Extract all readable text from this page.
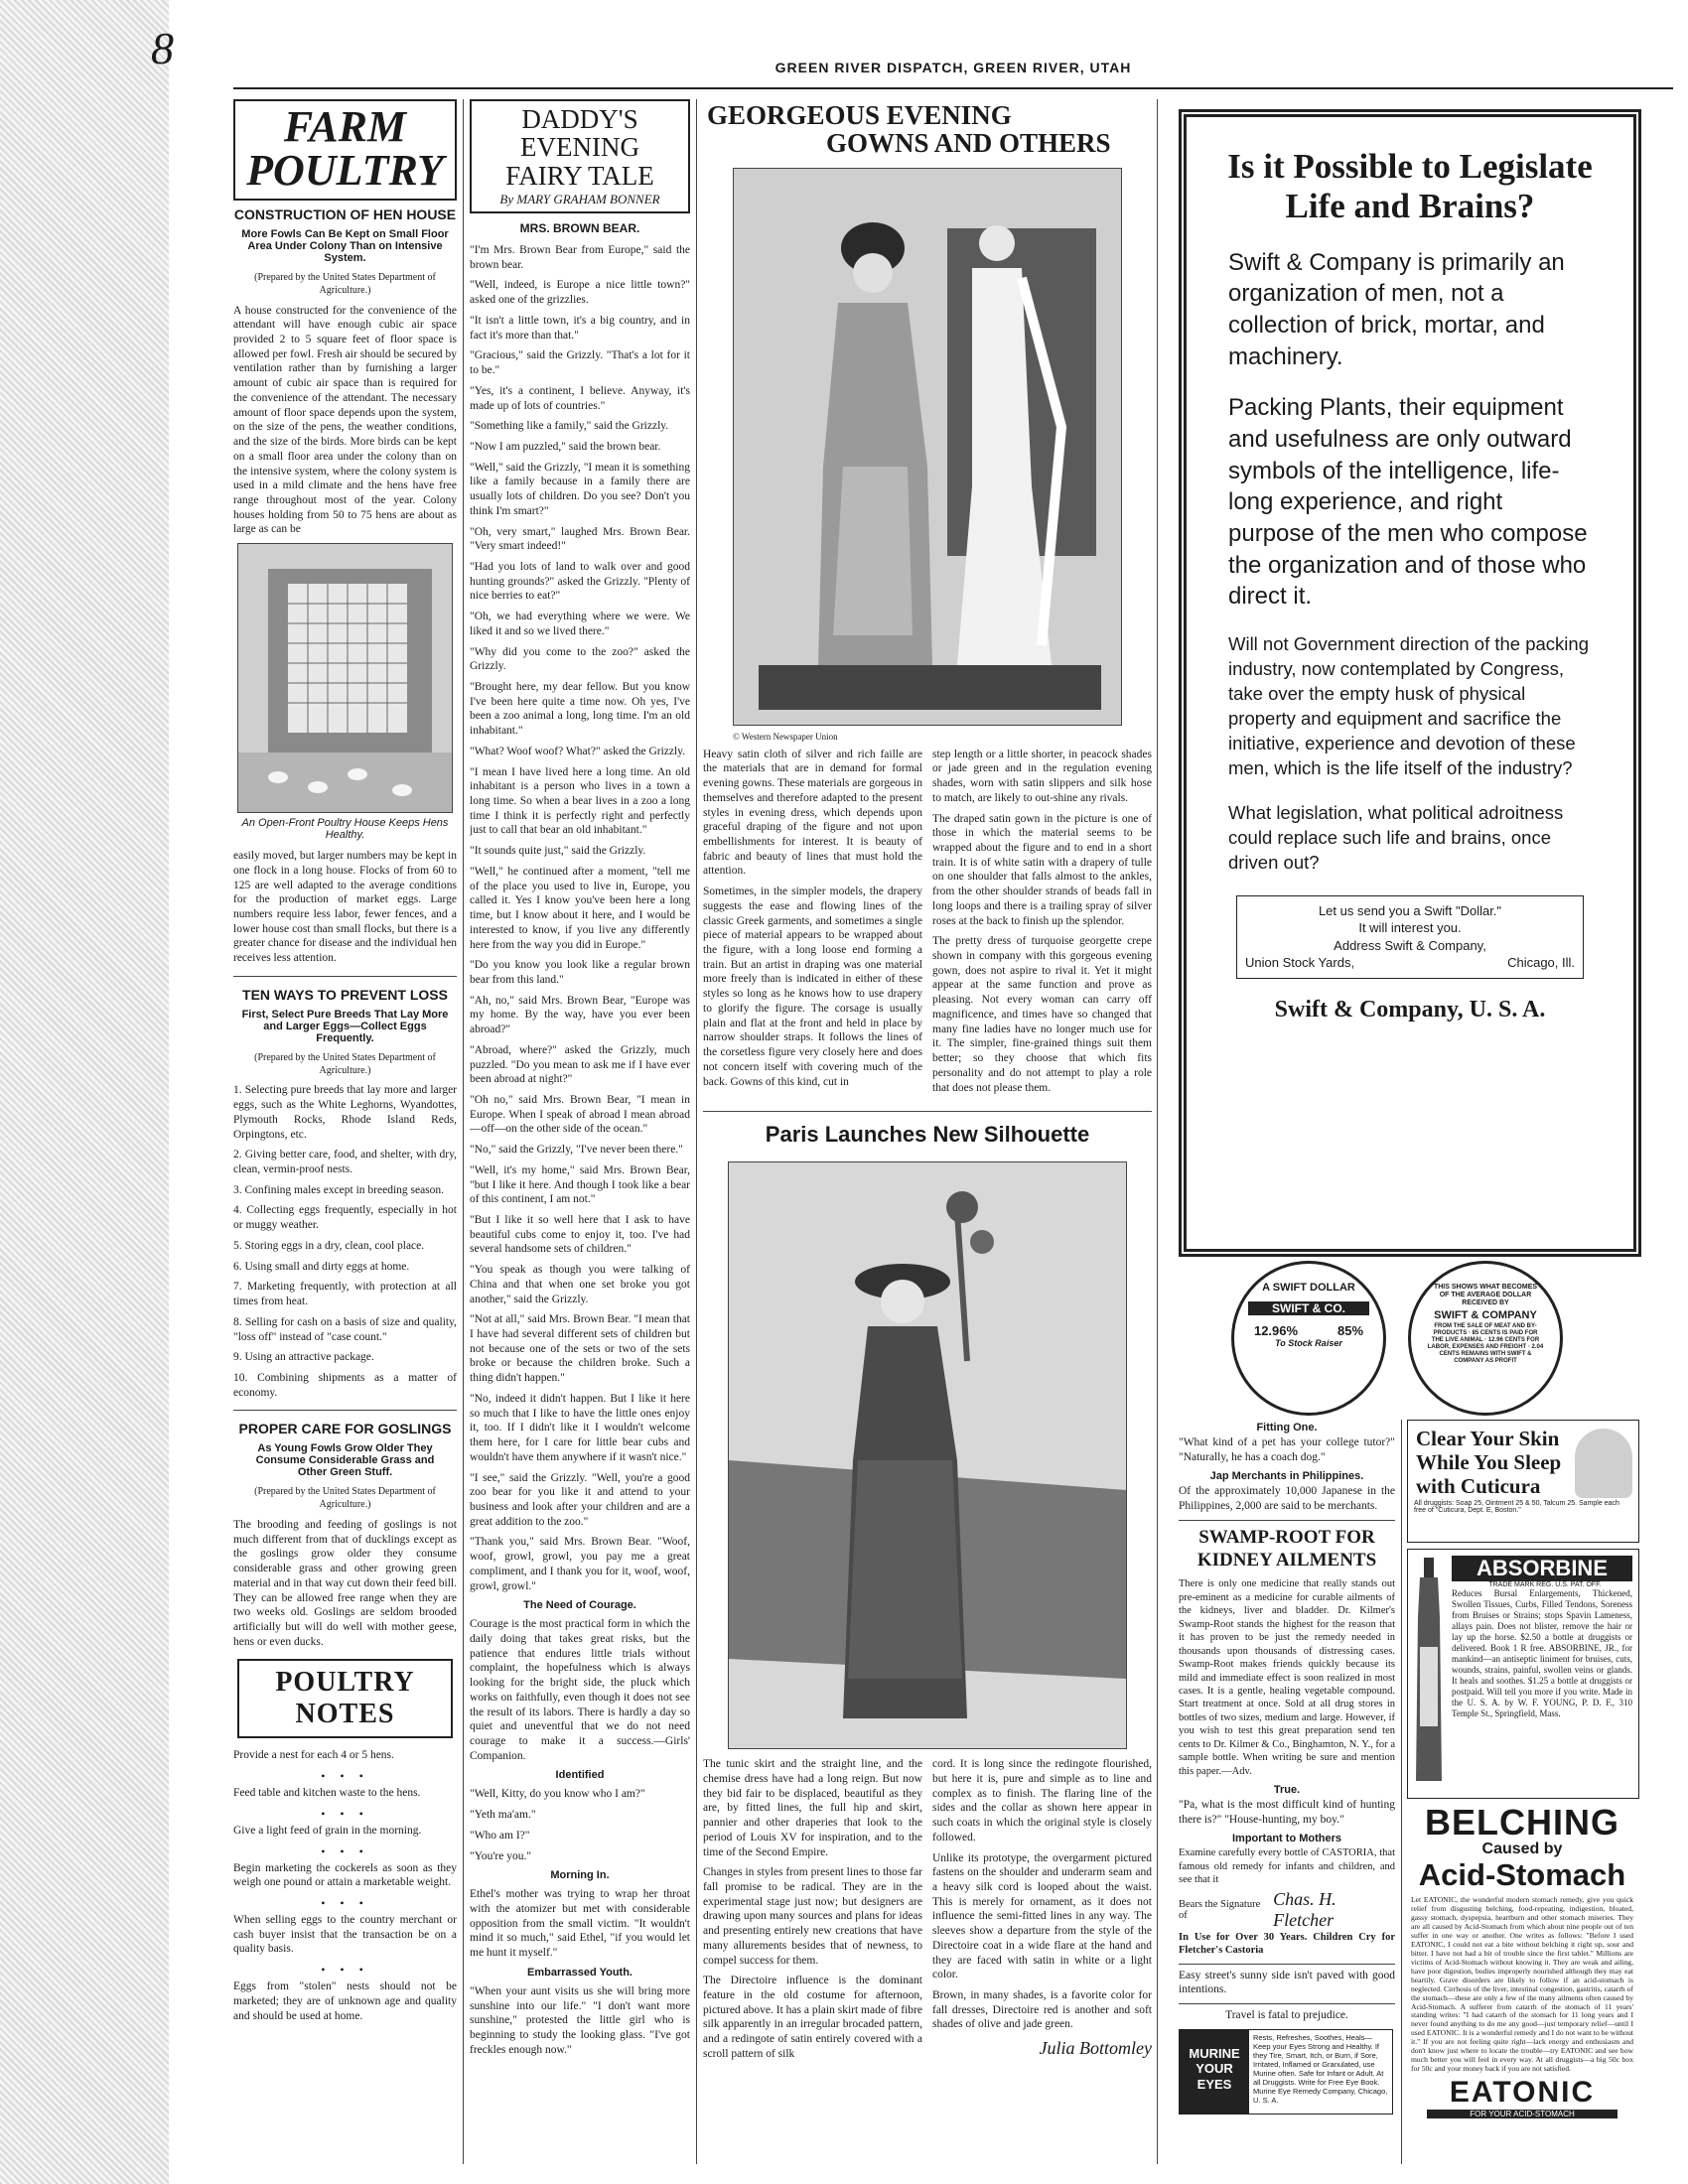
8	GREEN RIVER DISPATCH, GREEN RIVER, UTAH
FARM
POULTRY
CONSTRUCTION OF HEN HOUSE
More Fowls Can Be Kept on Small Floor Area Under Colony Than on Intensive System.

(Prepared by the United States Department of Agriculture.)

A house constructed for the convenience of the attendant will have enough cubic air space provided 2 to 5 square feet of floor space is allowed per fowl. Fresh air should be secured by ventilation rather than by furnishing a larger amount of cubic air space than is required for the convenience of the attendant. The necessary amount of floor space depends upon the system, on the size of the pens, the weather conditions, and the size of the birds. More birds can be kept on a small floor area under the colony than on the intensive system, where the colony system is used in a mild climate and the hens have free range throughout most of the year. Colony houses holding from 50 to 75 hens are about as large as can be

An Open-Front Poultry House Keeps Hens Healthy.

easily moved, but larger numbers may be kept in one flock in a long house. Flocks of from 60 to 125 are well adapted to the average conditions for the production of market eggs. Large numbers require less labor, fewer fences, and a lower house cost than small flocks, but there is a greater chance for disease and the individual hen receives less attention.

TEN WAYS TO PREVENT LOSS
First, Select Pure Breeds That Lay More and Larger Eggs—Collect Eggs Frequently.

(Prepared by the United States Department of Agriculture.)

1. Selecting pure breeds that lay more and larger eggs, such as the White Leghorns, Wyandottes, Plymouth Rocks, Rhode Island Reds, Orpingtons, etc.

2. Giving better care, food, and shelter, with dry, clean, vermin-proof nests.

3. Confining males except in breeding season.

4. Collecting eggs frequently, especially in hot or muggy weather.

5. Storing eggs in a dry, clean, cool place.

6. Using small and dirty eggs at home.

7. Marketing frequently, with protection at all times from heat.

8. Selling for cash on a basis of size and quality, "loss off" instead of "case count."

9. Using an attractive package.

10. Combining shipments as a matter of economy.

PROPER CARE FOR GOSLINGS
As Young Fowls Grow Older They Consume Considerable Grass and Other Green Stuff.

(Prepared by the United States Department of Agriculture.)

The brooding and feeding of goslings is not much different from that of ducklings except as the goslings grow older they consume considerable grass and other growing green material and in that way cut down their feed bill. They can be allowed free range when they are two weeks old. Goslings are seldom brooded artificially but will do well with mother geese, hens or even ducks.

POULTRY NOTES

Provide a nest for each 4 or 5 hens.

• • •

Feed table and kitchen waste to the hens.

• • •

Give a light feed of grain in the morning.

• • •

Begin marketing the cockerels as soon as they weigh one pound or attain a marketable weight.

• • •

When selling eggs to the country merchant or cash buyer insist that the transaction be on a quality basis.

• • •

Eggs from "stolen" nests should not be marketed; they are of unknown age and quality and should be used at home.

DADDY'S EVENING
FAIRY TALE
By MARY GRAHAM BONNER
MRS. BROWN BEAR.

"I'm Mrs. Brown Bear from Europe," said the brown bear.

"Well, indeed, is Europe a nice little town?" asked one of the grizzlies.

"It isn't a little town, it's a big country, and in fact it's more than that."

"Gracious," said the Grizzly. "That's a lot for it to be."

"Yes, it's a continent, I believe. Anyway, it's made up of lots of countries."

"Something like a family," said the Grizzly.

"Now I am puzzled," said the brown bear.

"Well," said the Grizzly, "I mean it is something like a family because in a family there are usually lots of children. Do you see? Don't you think I'm smart?"

"Oh, very smart," laughed Mrs. Brown Bear. "Very smart indeed!"

"Had you lots of land to walk over and good hunting grounds?" asked the Grizzly. "Plenty of nice berries to eat?"

"Oh, we had everything where we were. We liked it and so we lived there."

"Why did you come to the zoo?" asked the Grizzly.

"Brought here, my dear fellow. But you know I've been here quite a time now. Oh yes, I've been a zoo animal a long, long time. I'm an old inhabitant."

"What? Woof woof? What?" asked the Grizzly.

"I mean I have lived here a long time. An old inhabitant is a person who lives in a town a long time. So when a bear lives in a zoo a long time I think it is perfectly right and perfectly just to call that bear an old inhabitant."

"It sounds quite just," said the Grizzly.

"Well," he continued after a moment, "tell me of the place you used to live in, Europe, you called it. Yes I know you've been here a long time, but I know about it here, and I would be interested to know, if you live any differently here from the way you did in Europe."

"Do you know you look like a regular brown bear from this land."

"Ah, no," said Mrs. Brown Bear, "Europe was my home. By the way, have you ever been abroad?"

"Abroad, where?" asked the Grizzly, much puzzled. "Do you mean to ask me if I have ever been abroad at night?"

"Oh no," said Mrs. Brown Bear, "I mean in Europe. When I speak of abroad I mean abroad—off—on the other side of the ocean."

"No," said the Grizzly, "I've never been there."

"Well, it's my home," said Mrs. Brown Bear, "but I like it here. And though I took like a bear of this continent, I am not."

"But I like it so well here that I ask to have beautiful cubs come to enjoy it, too. I've had several handsome sets of children."

"You speak as though you were talking of China and that when one set broke you got another," said the Grizzly.

"Not at all," said Mrs. Brown Bear. "I mean that I have had several different sets of children but not because one of the sets or two of the sets broke or because the children broke. Such a thing didn't happen."

"No, indeed it didn't happen. But I like it here so much that I like to have the little ones enjoy it, too. If I didn't like it I wouldn't welcome them here, for I care for little bear cubs and wouldn't have them anywhere if it wasn't nice."

"I see," said the Grizzly. "Well, you're a good zoo bear for you like it and attend to your business and look after your children and are a great addition to the zoo."

"Thank you," said Mrs. Brown Bear. "Woof, woof, growl, growl, you pay me a great compliment, and I thank you for it, woof, woof, growl, growl."

The Need of Courage.

Courage is the most practical form in which the daily doing that takes great risks, but the patience that endures little trials without complaint, the hopefulness which is always looking for the bright side, the pluck which works on faithfully, even though it does not see the result of its labors. There is hardly a day so quiet and uneventful that we do not need courage to make it a success.—Girls' Companion.

Identified

"Well, Kitty, do you know who I am?"

"Yeth ma'am."

"Who am I?"

"You're you."

Morning In.

Ethel's mother was trying to wrap her throat with the atomizer but met with considerable opposition from the small victim. "It wouldn't mind it so much," said Ethel, "if you would let me hunt it myself."

Embarrassed Youth.

"When your aunt visits us she will bring more sunshine into our life." "I don't want more sunshine," protested the little girl who is beginning to study the looking glass. "I've got freckles enough now."

GEORGEOUS EVENING
GOWNS AND OTHERS
© Western Newspaper Union

Heavy satin cloth of silver and rich faille are the materials that are in demand for formal evening gowns. These materials are gorgeous in themselves and therefore adapted to the present styles in evening dress, which depends upon graceful draping of the figure and not upon embellishments for interest. It is beauty of fabric and beauty of lines that must hold the attention.

Sometimes, in the simpler models, the drapery suggests the ease and flowing lines of the classic Greek garments, and sometimes a single piece of material appears to be wrapped about the figure, with a long loose end forming a train. But an artist in draping was one material more freely than is indicated in either of these styles so long as he knows how to use drapery to glorify the figure. The corsage is usually plain and flat at the front and held in place by narrow shoulder straps. It follows the lines of the corsetless figure very closely here and does not concern itself with covering much of the back. Gowns of this kind, cut in

step length or a little shorter, in peacock shades or jade green and in the regulation evening shades, worn with satin slippers and silk hose to match, are likely to out-shine any rivals.

The draped satin gown in the picture is one of those in which the material seems to be wrapped about the figure and to end in a short train. It is of white satin with a drapery of tulle on one shoulder that falls almost to the ankles, from the other shoulder strands of beads fall in long loops and there is a trailing spray of silver roses at the back to finish up the splendor.

The pretty dress of turquoise georgette crepe shown in company with this gorgeous evening gown, does not aspire to rival it. Yet it might appear at the same function and prove as pleasing. Not every woman can carry off magnificence, and times have so changed that many fine ladies have no longer much use for it. The simpler, fine-grained things suit them better; so they choose that which fits personality and do not attempt to play a role that does not please them.

Paris Launches New Silhouette

The tunic skirt and the straight line, and the chemise dress have had a long reign. But now they bid fair to be displaced, beautiful as they are, by fitted lines, the full hip and skirt, pannier and other draperies that look to the period of Louis XV for inspiration, and to the time of the Second Empire.

Changes in styles from present lines to those far fall promise to be radical. They are in the experimental stage just now; but designers are drawing upon many sources and plans for ideas and presenting entirely new creations that have many allurements besides that of newness, to compel success for them.

The Directoire influence is the dominant feature in the old costume for afternoon, pictured above. It has a plain skirt made of fibre silk apparently in an irregular brocaded pattern, and a redingote of satin entirely covered with a scroll pattern of silk

cord. It is long since the redingote flourished, but here it is, pure and simple as to line and complex as to finish. The flaring line of the sides and the collar as shown here appear in such coats in which the original style is closely followed.

Unlike its prototype, the overgarment pictured fastens on the shoulder and underarm seam and a heavy silk cord is looped about the waist. This is merely for ornament, as it does not influence the semi-fitted lines in any way. The sleeves show a departure from the style of the Directoire coat in a wide flare at the hand and they are faced with satin in white or a light color.

Brown, in many shades, is a favorite color for fall dresses, Directoire red is another and soft shades of olive and jade green.

Julia Bottomley
Is it Possible to Legislate Life and Brains?
Swift & Company is primarily an organization of men, not a collection of brick, mortar, and machinery.
Packing Plants, their equipment and usefulness are only outward symbols of the intelligence, life-long experience, and right purpose of the men who compose the organization and of those who direct it.
Will not Government direction of the packing industry, now contemplated by Congress, take over the empty husk of physical property and equipment and sacrifice the initiative, experience and devotion of these men, which is the life itself of the industry?
What legislation, what political adroitness could replace such life and brains, once driven out?
Let us send you a Swift "Dollar."
It will interest you.
Address Swift & Company,
Union Stock Yards,	Chicago, Ill.
Swift & Company, U. S. A.
A SWIFT DOLLAR
SWIFT & CO.
12.96%	85%
To Stock Raiser
THIS SHOWS WHAT BECOMES OF THE AVERAGE DOLLAR RECEIVED BY
SWIFT & COMPANY
FROM THE SALE OF MEAT AND BY-PRODUCTS · 85 CENTS IS PAID FOR THE LIVE ANIMAL · 12.96 CENTS FOR LABOR, EXPENSES AND FREIGHT · 2.04 CENTS REMAINS WITH SWIFT & COMPANY AS PROFIT
Fitting One.

"What kind of a pet has your college tutor?" "Naturally, he has a coach dog."

Jap Merchants in Philippines.

Of the approximately 10,000 Japanese in the Philippines, 2,000 are said to be merchants.

SWAMP-ROOT FOR KIDNEY AILMENTS

There is only one medicine that really stands out pre-eminent as a medicine for curable ailments of the kidneys, liver and bladder. Dr. Kilmer's Swamp-Root stands the highest for the reason that it has proven to be just the remedy needed in thousands upon thousands of distressing cases. Swamp-Root makes friends quickly because its mild and immediate effect is soon realized in most cases. It is a gentle, healing vegetable compound. Start treatment at once. Sold at all drug stores in bottles of two sizes, medium and large. However, if you wish to test this great preparation send ten cents to Dr. Kilmer & Co., Binghamton, N. Y., for a sample bottle. When writing be sure and mention this paper.—Adv.

True.

"Pa, what is the most difficult kind of hunting there is?" "House-hunting, my boy."

Important to Mothers

Examine carefully every bottle of CASTORIA, that famous old remedy for infants and children, and see that it

Bears the Signature of
Chas. H. Fletcher

In Use for Over 30 Years. Children Cry for Fletcher's Castoria

Easy street's sunny side isn't paved with good intentions.

Travel is fatal to prejudice.

MURINE YOUR EYES
Rests, Refreshes, Soothes, Heals—Keep your Eyes Strong and Healthy. If they Tire, Smart, Itch, or Burn, if Sore, Irritated, Inflamed or Granulated, use Murine often. Safe for Infant or Adult. At all Druggists. Write for Free Eye Book. Murine Eye Remedy Company, Chicago, U. S. A.
Clear Your Skin
While You Sleep
with Cuticura
All druggists: Soap 25, Ointment 25 & 50, Talcum 25. Sample each free of "Cuticura, Dept. E, Boston."
ABSORBINE
TRADE MARK REG. U.S. PAT. OFF.
Reduces Bursal Enlargements, Thickened, Swollen Tissues, Curbs, Filled Tendons, Soreness from Bruises or Strains; stops Spavin Lameness, allays pain. Does not blister, remove the hair or lay up the horse. $2.50 a bottle at druggists or delivered. Book 1 R free. ABSORBINE, JR., for mankind—an antiseptic liniment for bruises, cuts, wounds, strains, painful, swollen veins or glands. It heals and soothes. $1.25 a bottle at druggists or postpaid. Will tell you more if you write. Made in the U. S. A. by W. F. YOUNG, P. D. F., 310 Temple St., Springfield, Mass.
BELCHING
Caused by
Acid-Stomach
Let EATONIC, the wonderful modern stomach remedy, give you quick relief from disgusting belching, food-repeating, indigestion, bloated, gassy stomach, dyspepsia, heartburn and other stomach miseries. They are all caused by Acid-Stomach from which about nine people out of ten suffer in one way or another. One writes as follows: "Before I used EATONIC, I could not eat a bite without belching it right up, sour and bitter. I have not had a bit of trouble since the first tablet." Millions are victims of Acid-Stomach without knowing it. They are weak and ailing, have poor digestion, bodies improperly nourished although they may eat heartily. Grave disorders are likely to follow if an acid-stomach is neglected. Cirrhosis of the liver, intestinal congestion, gastritis, catarrh of the stomach—these are only a few of the many ailments often caused by Acid-Stomach. A sufferer from catarrh of the stomach of 11 years' standing writes: "I had catarrh of the stomach for 11 long years and I never found anything to do me any good—just temporary relief—until I used EATONIC. It is a wonderful remedy and I do not want to be without it." If you are not feeling quite right—lack energy and enthusiasm and don't know just where to locate the trouble—try EATONIC and see how much better you will feel in every way. At all druggists—a big 50c box for 50c and your money back if you are not satisfied.
EATONIC
FOR YOUR ACID-STOMACH
